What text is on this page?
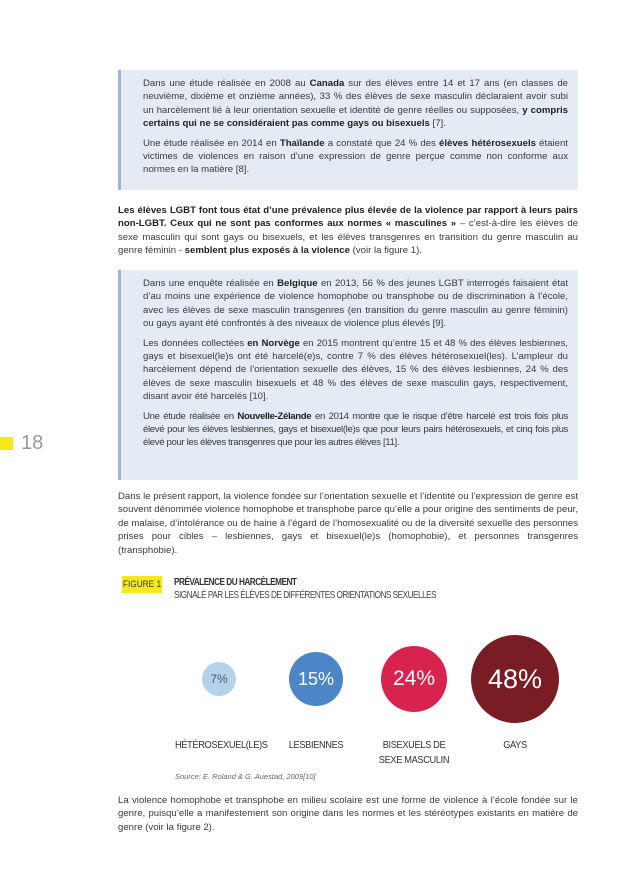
Dans une étude réalisée en 2008 au Canada sur des élèves entre 14 et 17 ans (en classes de neuvième, dixième et onzième années), 33 % des élèves de sexe masculin déclaraient avoir subi un harcèlement lié à leur orientation sexuelle et identité de genre réelles ou supposées, y compris certains qui ne se considéraient pas comme gays ou bisexuels [7].

Une étude réalisée en 2014 en Thaïlande a constaté que 24 % des élèves hétérosexuels étaient victimes de violences en raison d’une expression de genre perçue comme non conforme aux normes en la matière [8].

Les élèves LGBT font tous état d’une prévalence plus élevée de la violence par rapport à leurs pairs non-LGBT. Ceux qui ne sont pas conformes aux normes « masculines » – c’est-à-dire les élèves de sexe masculin qui sont gays ou bisexuels, et les élèves transgenres en transition du genre masculin au genre féminin - semblent plus exposés à la violence (voir la figure 1).

Dans une enquête réalisée en Belgique en 2013, 56 % des jeunes LGBT interrogés faisaient état d’au moins une expérience de violence homophobe ou transphobe ou de discrimination à l’école, avec les élèves de sexe masculin transgenres (en transition du genre masculin au genre féminin) ou gays ayant été confrontés à des niveaux de violence plus élevés [9].

Les données collectées en Norvège en 2015 montrent qu’entre 15 et 48 % des élèves lesbiennes, gays et bisexuel(le)s ont été harcelé(e)s, contre 7 % des élèves hétérosexuel(les). L’ampleur du harcèlement dépend de l’orientation sexuelle des élèves, 15 % des élèves lesbiennes, 24 % des élèves de sexe masculin bisexuels et 48 % des élèves de sexe masculin gays, respectivement, disant avoir été harcelés [10].

Une étude réalisée en Nouvelle-Zélande en 2014 montre que le risque d’être harcelé est trois fois plus élevé pour les élèves lesbiennes, gays et bisexuel(le)s que pour leurs pairs hétérosexuels, et cinq fois plus élevé pour les élèves transgenres que pour les autres élèves [11].

18

Dans le présent rapport, la violence fondée sur l’orientation sexuelle et l’identité ou l’expression de genre est souvent dénommée violence homophobe et transphobe parce qu’elle a pour origine des sentiments de peur, de malaise, d’intolérance ou de haine à l’égard de l’homosexualité ou de la diversité sexuelle des personnes prises pour cibles – lesbiennes, gays et bisexuel(le)s (homophobie), et personnes transgenres (transphobie).

FIGURE 1 PRÉVALENCE DU HARCÈLEMENT
SIGNALÉ PAR LES ÉLÈVES DE DIFFÉRENTES ORIENTATIONS SEXUELLES
7%	15%	24% 48%
HÉTÉROSEXUEL(LE)S	LESBIENNES	BISEXUELS DE
SEXE MASCULIN
GAYS
Source: E. Roland & G. Auestad, 2009[10]

La violence homophobe et transphobe en milieu scolaire est une forme de violence à l’école fondée sur le genre, puisqu’elle a manifestement son origine dans les normes et les stéréotypes existants en matière de genre (voir la figure 2).
